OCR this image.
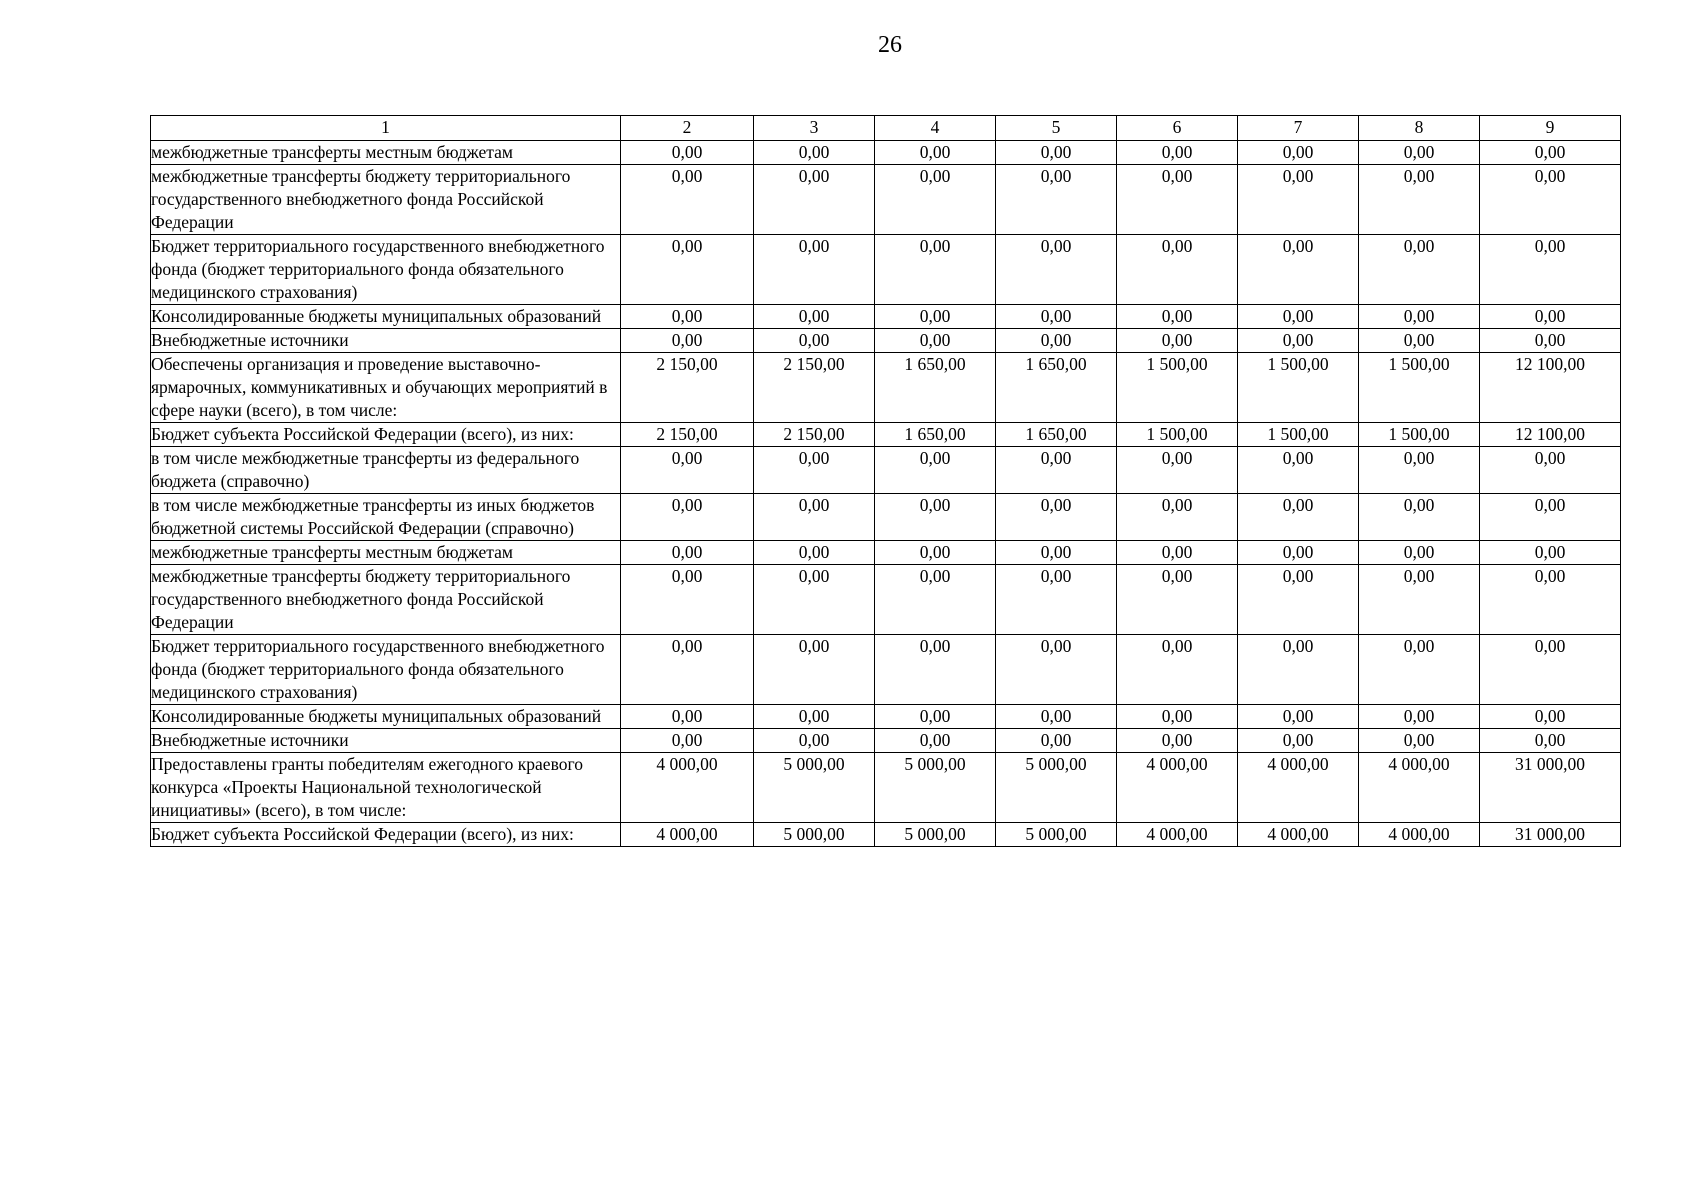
26
1	2	3	4	5	6	7	8	9
межбюджетные трансферты местным бюджетам	0,00	0,00	0,00	0,00	0,00	0,00	0,00	0,00
межбюджетные трансферты бюджету территориального государственного внебюджетного фонда Российской Федерации	0,00	0,00	0,00	0,00	0,00	0,00	0,00	0,00
Бюджет территориального государственного внебюджетного фонда (бюджет территориального фонда обязательного медицинского страхования)	0,00	0,00	0,00	0,00	0,00	0,00	0,00	0,00
Консолидированные бюджеты муниципальных образований	0,00	0,00	0,00	0,00	0,00	0,00	0,00	0,00
Внебюджетные источники	0,00	0,00	0,00	0,00	0,00	0,00	0,00	0,00
Обеспечены организация и проведение выставочно-ярмарочных, коммуникативных и обучающих мероприятий в сфере науки (всего), в том числе:	2 150,00	2 150,00	1 650,00	1 650,00	1 500,00	1 500,00	1 500,00	12 100,00
Бюджет субъекта Российской Федерации (всего), из них:	2 150,00	2 150,00	1 650,00	1 650,00	1 500,00	1 500,00	1 500,00	12 100,00
в том числе межбюджетные трансферты из федерального бюджета (справочно)	0,00	0,00	0,00	0,00	0,00	0,00	0,00	0,00
в том числе межбюджетные трансферты из иных бюджетов бюджетной системы Российской Федерации (справочно)	0,00	0,00	0,00	0,00	0,00	0,00	0,00	0,00
межбюджетные трансферты местным бюджетам	0,00	0,00	0,00	0,00	0,00	0,00	0,00	0,00
межбюджетные трансферты бюджету территориального государственного внебюджетного фонда Российской Федерации	0,00	0,00	0,00	0,00	0,00	0,00	0,00	0,00
Бюджет территориального государственного внебюджетного фонда (бюджет территориального фонда обязательного медицинского страхования)	0,00	0,00	0,00	0,00	0,00	0,00	0,00	0,00
Консолидированные бюджеты муниципальных образований	0,00	0,00	0,00	0,00	0,00	0,00	0,00	0,00
Внебюджетные источники	0,00	0,00	0,00	0,00	0,00	0,00	0,00	0,00
Предоставлены гранты победителям ежегодного краевого конкурса «Проекты Национальной технологической инициативы» (всего), в том числе:	4 000,00	5 000,00	5 000,00	5 000,00	4 000,00	4 000,00	4 000,00	31 000,00
Бюджет субъекта Российской Федерации (всего), из них:	4 000,00	5 000,00	5 000,00	5 000,00	4 000,00	4 000,00	4 000,00	31 000,00
